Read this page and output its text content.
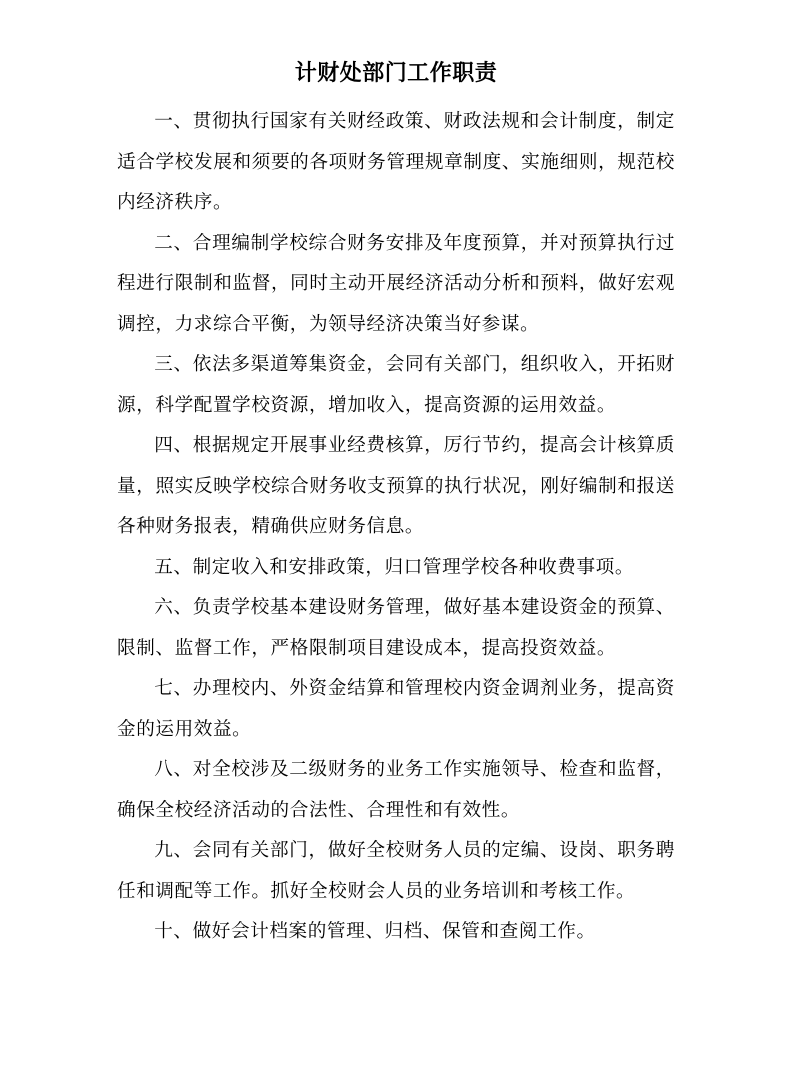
计财处部门工作职责

一、贯彻执行国家有关财经政策、财政法规和会计制度，制定适合学校发展和须要的各项财务管理规章制度、实施细则，规范校内经济秩序。

二、合理编制学校综合财务安排及年度预算，并对预算执行过程进行限制和监督，同时主动开展经济活动分析和预料，做好宏观调控，力求综合平衡，为领导经济决策当好参谋。

三、依法多渠道筹集资金，会同有关部门，组织收入，开拓财源，科学配置学校资源，增加收入，提高资源的运用效益。

四、根据规定开展事业经费核算，厉行节约，提高会计核算质量，照实反映学校综合财务收支预算的执行状况，刚好编制和报送各种财务报表，精确供应财务信息。

五、制定收入和安排政策，归口管理学校各种收费事项。

六、负责学校基本建设财务管理，做好基本建设资金的预算、限制、监督工作，严格限制项目建设成本，提高投资效益。

七、办理校内、外资金结算和管理校内资金调剂业务，提高资金的运用效益。

八、对全校涉及二级财务的业务工作实施领导、检查和监督，确保全校经济活动的合法性、合理性和有效性。

九、会同有关部门，做好全校财务人员的定编、设岗、职务聘任和调配等工作。抓好全校财会人员的业务培训和考核工作。

十、做好会计档案的管理、归档、保管和查阅工作。
